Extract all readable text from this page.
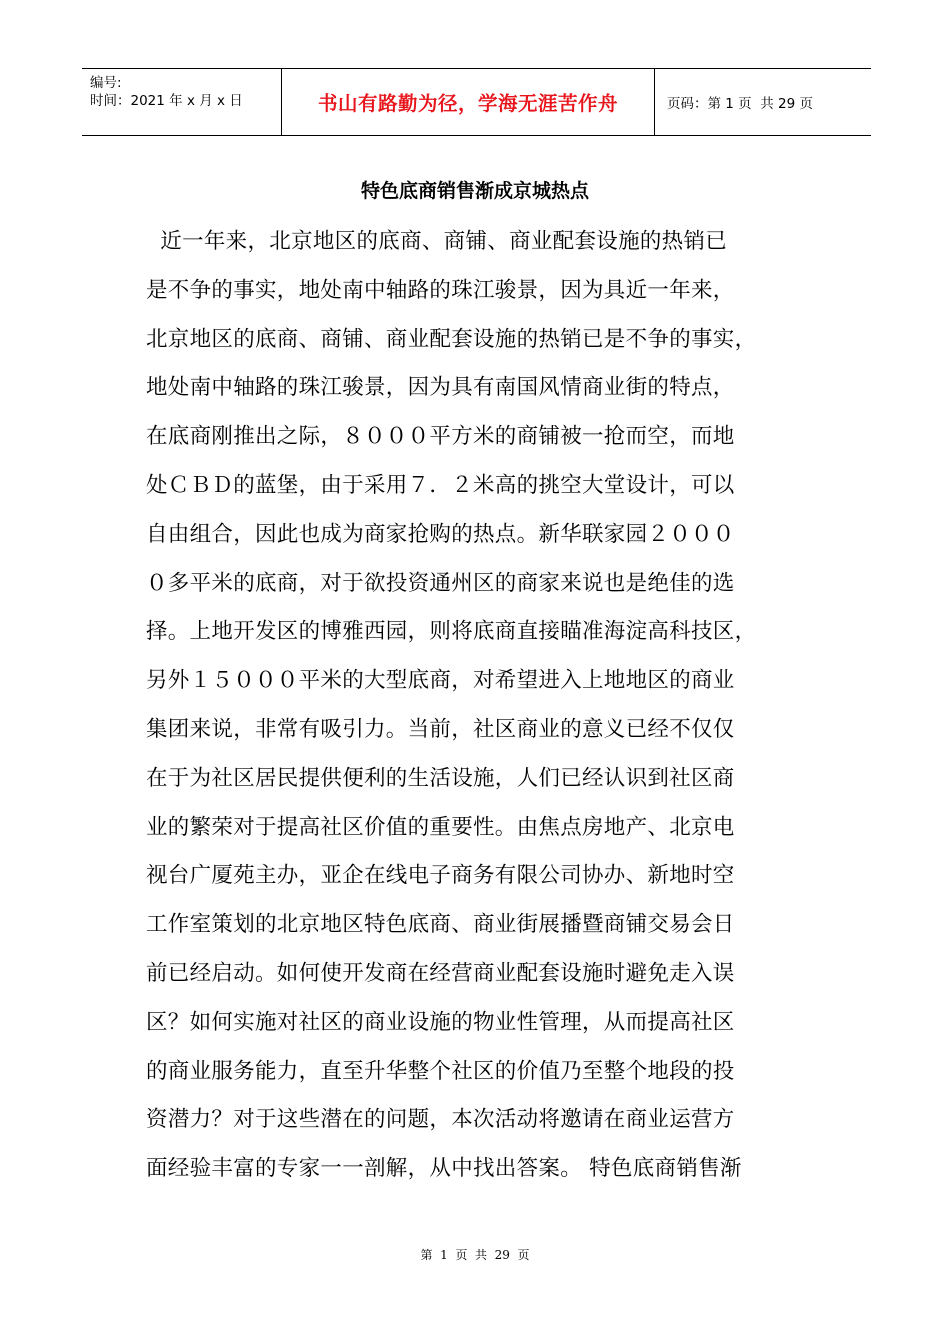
编号:
时间：2021 年 x 月 x 日	书山有路勤为径，学海无涯苦作舟	页码：第 1 页  共 29 页
特色底商销售渐成京城热点
近一年来，北京地区的底商、商铺、商业配套设施的热销已
是不争的事实，地处南中轴路的珠江骏景，因为具近一年来，
北京地区的底商、商铺、商业配套设施的热销已是不争的事实，
地处南中轴路的珠江骏景，因为具有南国风情商业街的特点，
在底商刚推出之际，８０００平方米的商铺被一抢而空，而地
处ＣＢＤ的蓝堡，由于采用７．２米高的挑空大堂设计，可以
自由组合，因此也成为商家抢购的热点。新华联家园２０００
０多平米的底商，对于欲投资通州区的商家来说也是绝佳的选
择。上地开发区的博雅西园，则将底商直接瞄准海淀高科技区，
另外１５０００平米的大型底商，对希望进入上地地区的商业
集团来说，非常有吸引力。当前，社区商业的意义已经不仅仅
在于为社区居民提供便利的生活设施，人们已经认识到社区商
业的繁荣对于提高社区价值的重要性。由焦点房地产、北京电
视台广厦苑主办，亚企在线电子商务有限公司协办、新地时空
工作室策划的北京地区特色底商、商业街展播暨商铺交易会日
前已经启动。如何使开发商在经营商业配套设施时避免走入误
区？如何实施对社区的商业设施的物业性管理，从而提高社区
的商业服务能力，直至升华整个社区的价值乃至整个地段的投
资潜力？对于这些潜在的问题，本次活动将邀请在商业运营方
面经验丰富的专家一一剖解，从中找出答案。 特色底商销售渐
第  1  页  共  29  页
